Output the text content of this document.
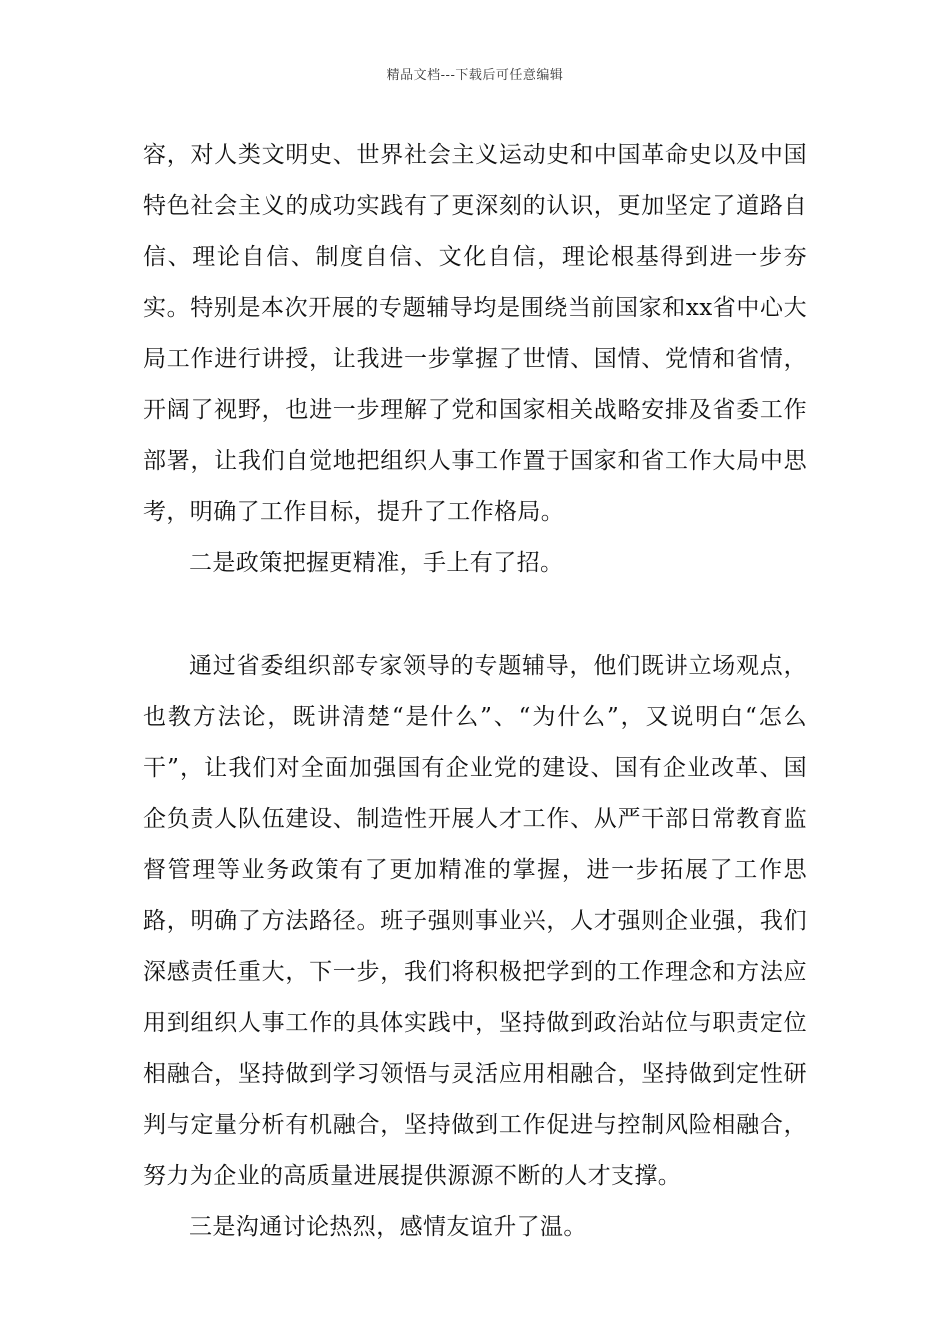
精品文档---下载后可任意编辑

容，对人类文明史、世界社会主义运动史和中国革命史以及中国特色社会主义的成功实践有了更深刻的认识，更加坚定了道路自信、理论自信、制度自信、文化自信，理论根基得到进一步夯实。特别是本次开展的专题辅导均是围绕当前国家和xx省中心大局工作进行讲授，让我进一步掌握了世情、国情、党情和省情，开阔了视野，也进一步理解了党和国家相关战略安排及省委工作部署，让我们自觉地把组织人事工作置于国家和省工作大局中思考，明确了工作目标，提升了工作格局。

二是政策把握更精准，手上有了招。

通过省委组织部专家领导的专题辅导，他们既讲立场观点，也教方法论，既讲清楚“是什么”、“为什么”，又说明白“怎么干”，让我们对全面加强国有企业党的建设、国有企业改革、国企负责人队伍建设、制造性开展人才工作、从严干部日常教育监督管理等业务政策有了更加精准的掌握，进一步拓展了工作思路，明确了方法路径。班子强则事业兴，人才强则企业强，我们深感责任重大，下一步，我们将积极把学到的工作理念和方法应用到组织人事工作的具体实践中，坚持做到政治站位与职责定位相融合，坚持做到学习领悟与灵活应用相融合，坚持做到定性研判与定量分析有机融合，坚持做到工作促进与控制风险相融合，努力为企业的高质量进展提供源源不断的人才支撑。

三是沟通讨论热烈，感情友谊升了温。
